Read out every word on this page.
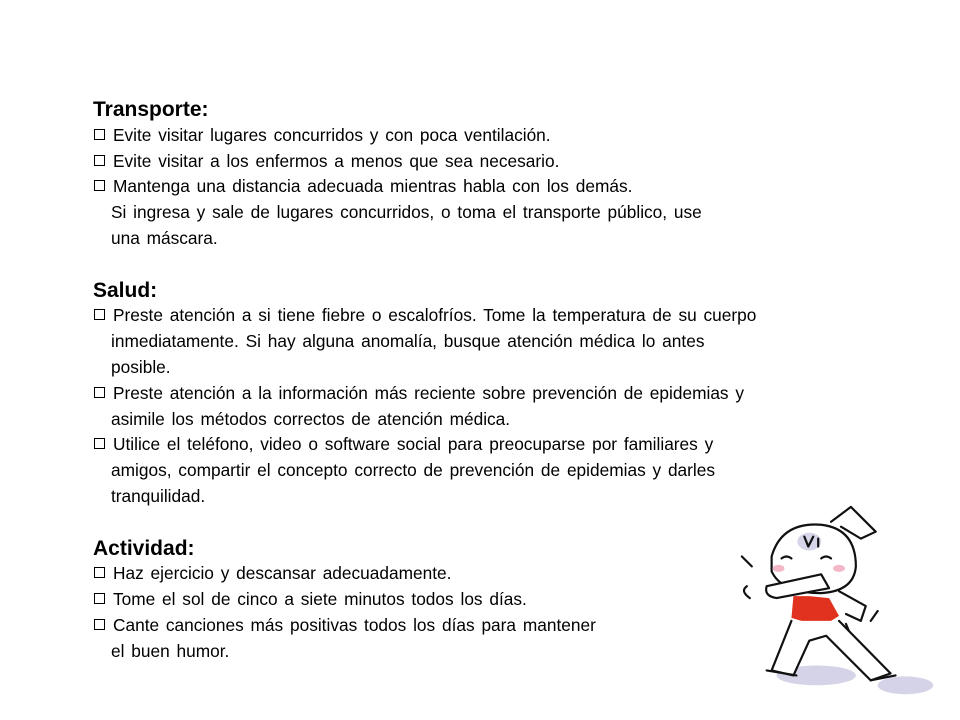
Transporte:
Evite visitar lugares concurridos y con poca ventilación.
Evite visitar a los enfermos a menos que sea necesario.
Mantenga una distancia adecuada mientras habla con los demás.
Si ingresa y sale de lugares concurridos, o toma el transporte público, use
una máscara.
Salud:
Preste atención a si tiene fiebre o escalofríos. Tome la temperatura de su cuerpo
inmediatamente. Si hay alguna anomalía, busque atención médica lo antes
posible.
Preste atención a la información más reciente sobre prevención de epidemias y
asimile los métodos correctos de atención médica.
Utilice el teléfono, video o software social para preocuparse por familiares y
amigos, compartir el concepto correcto de prevención de epidemias y darles
tranquilidad.
Actividad:
Haz ejercicio y descansar adecuadamente.
Tome el sol de cinco a siete minutos todos los días.
Cante canciones más positivas todos los días para mantener
el buen humor.
